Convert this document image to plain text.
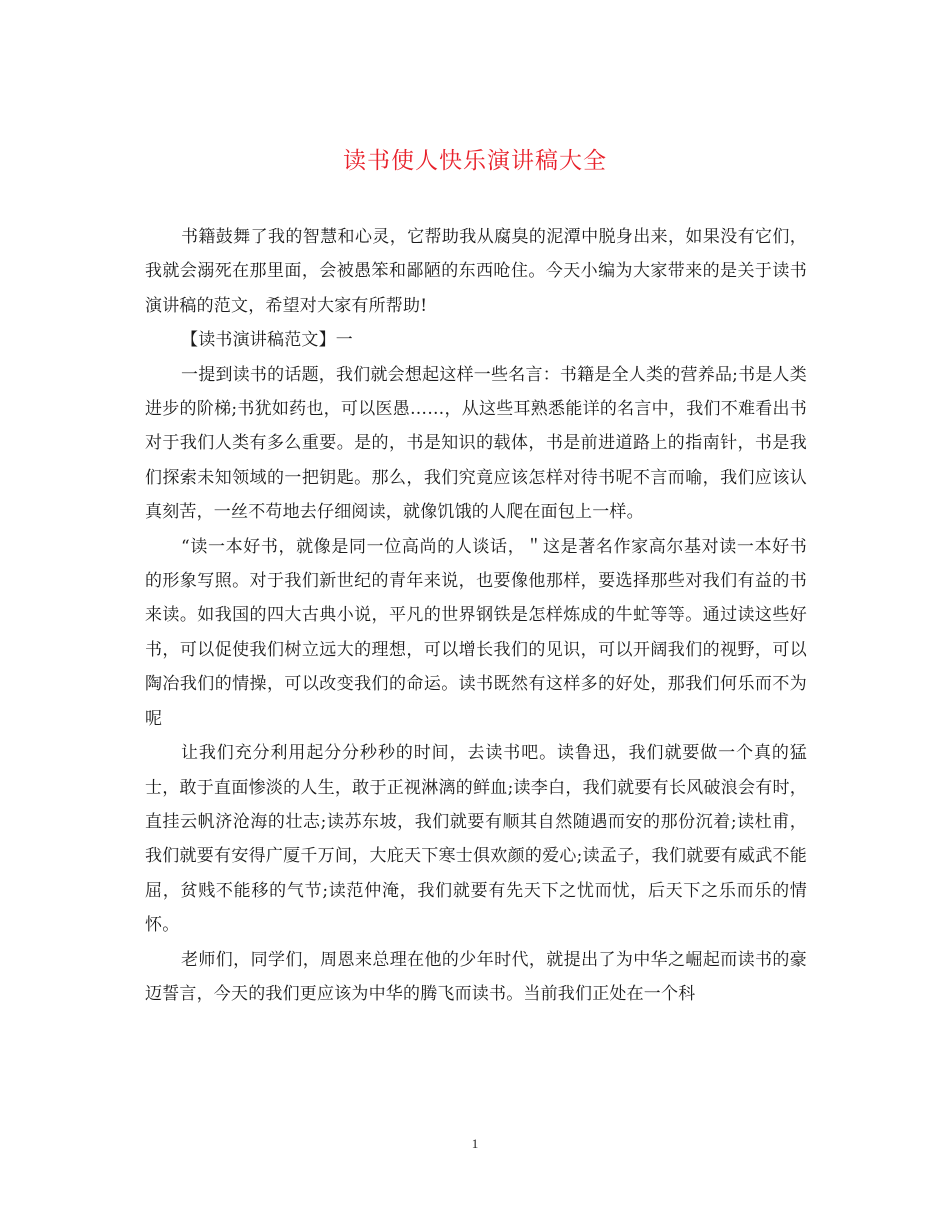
读书使人快乐演讲稿大全

书籍鼓舞了我的智慧和心灵，它帮助我从腐臭的泥潭中脱身出来，如果没有它们，我就会溺死在那里面，会被愚笨和鄙陋的东西呛住。今天小编为大家带来的是关于读书演讲稿的范文，希望对大家有所帮助!

【读书演讲稿范文】一

一提到读书的话题，我们就会想起这样一些名言：书籍是全人类的营养品;书是人类进步的阶梯;书犹如药也，可以医愚……，从这些耳熟悉能详的名言中，我们不难看出书对于我们人类有多么重要。是的，书是知识的载体，书是前进道路上的指南针，书是我们探索未知领域的一把钥匙。那么，我们究竟应该怎样对待书呢不言而喻，我们应该认真刻苦，一丝不苟地去仔细阅读，就像饥饿的人爬在面包上一样。

“读一本好书，就像是同一位高尚的人谈话，＂这是著名作家高尔基对读一本好书的形象写照。对于我们新世纪的青年来说，也要像他那样，要选择那些对我们有益的书来读。如我国的四大古典小说，平凡的世界钢铁是怎样炼成的牛虻等等。通过读这些好书，可以促使我们树立远大的理想，可以增长我们的见识，可以开阔我们的视野，可以陶冶我们的情操，可以改变我们的命运。读书既然有这样多的好处，那我们何乐而不为呢

让我们充分利用起分分秒秒的时间，去读书吧。读鲁迅，我们就要做一个真的猛士，敢于直面惨淡的人生，敢于正视淋漓的鲜血;读李白，我们就要有长风破浪会有时，直挂云帆济沧海的壮志;读苏东坡，我们就要有顺其自然随遇而安的那份沉着;读杜甫，我们就要有安得广厦千万间，大庇天下寒士俱欢颜的爱心;读孟子，我们就要有威武不能屈，贫贱不能移的气节;读范仲淹，我们就要有先天下之忧而忧，后天下之乐而乐的情怀。

老师们，同学们，周恩来总理在他的少年时代，就提出了为中华之崛起而读书的豪迈誓言，今天的我们更应该为中华的腾飞而读书。当前我们正处在一个科

1
